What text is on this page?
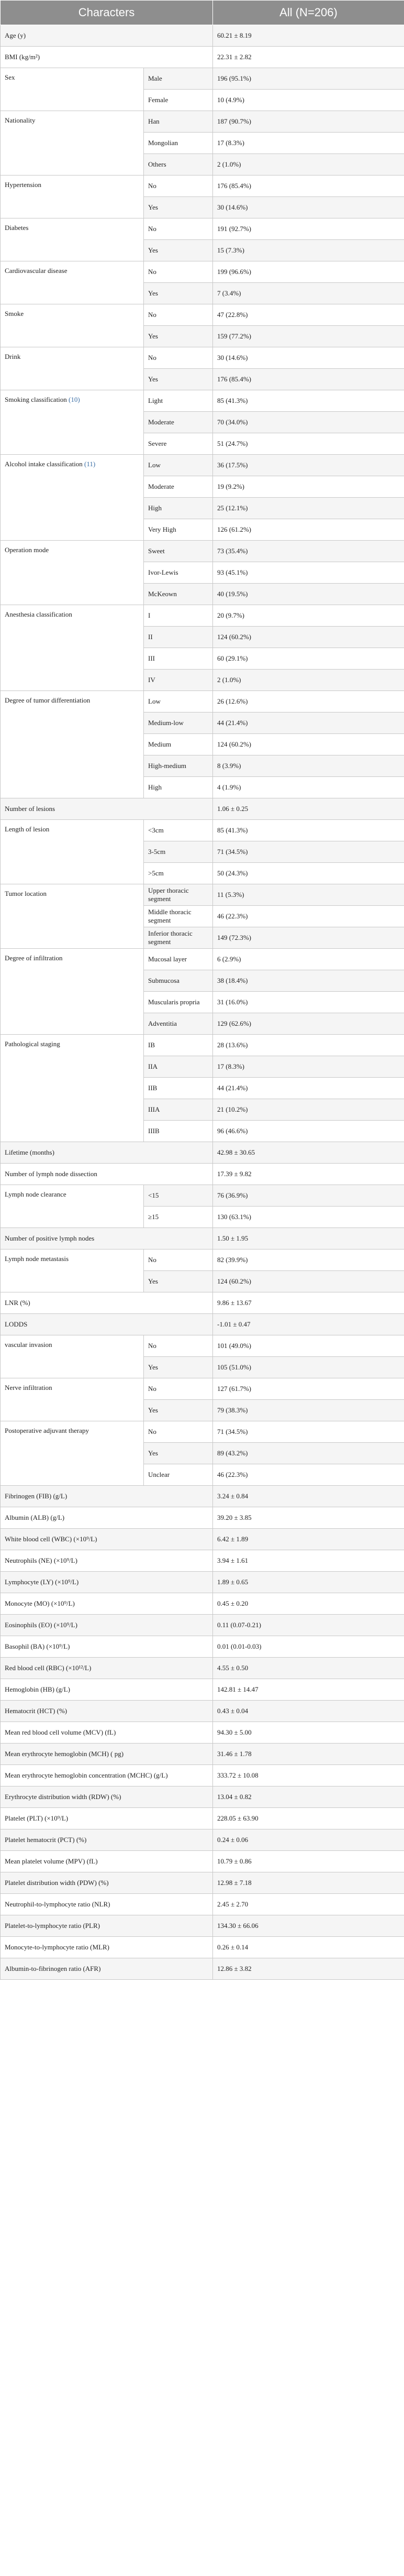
Characters		All (N=206)
Age (y)		60.21 ± 8.19
BMI (kg/m²)		22.31 ± 2.82
Sex	Male	196 (95.1%)
	Female	10 (4.9%)
Nationality	Han	187 (90.7%)
	Mongolian	17 (8.3%)
	Others	2 (1.0%)
Hypertension	No	176 (85.4%)
	Yes	30 (14.6%)
Diabetes	No	191 (92.7%)
	Yes	15 (7.3%)
Cardiovascular disease	No	199 (96.6%)
	Yes	7 (3.4%)
Smoke	No	47 (22.8%)
	Yes	159 (77.2%)
Drink	No	30 (14.6%)
	Yes	176 (85.4%)
Smoking classification (10)	Light	85 (41.3%)
	Moderate	70 (34.0%)
	Severe	51 (24.7%)
Alcohol intake classification (11)	Low	36 (17.5%)
	Moderate	19 (9.2%)
	High	25 (12.1%)
	Very High	126 (61.2%)
Operation mode	Sweet	73 (35.4%)
	Ivor-Lewis	93 (45.1%)
	McKeown	40 (19.5%)
Anesthesia classification	I	20 (9.7%)
	II	124 (60.2%)
	III	60 (29.1%)
	IV	2 (1.0%)
Degree of tumor differentiation	Low	26 (12.6%)
	Medium-low	44 (21.4%)
	Medium	124 (60.2%)
	High-medium	8 (3.9%)
	High	4 (1.9%)
Number of lesions		1.06 ± 0.25
Length of lesion	<3cm	85 (41.3%)
	3-5cm	71 (34.5%)
	>5cm	50 (24.3%)
Tumor location	Upper thoracic segment	11 (5.3%)
	Middle thoracic segment	46 (22.3%)
	Inferior thoracic segment	149 (72.3%)
Degree of infiltration	Mucosal layer	6 (2.9%)
	Submucosa	38 (18.4%)
	Muscularis propria	31 (16.0%)
	Adventitia	129 (62.6%)
Pathological staging	IB	28 (13.6%)
	IIA	17 (8.3%)
	IIB	44 (21.4%)
	IIIA	21 (10.2%)
	IIIB	96 (46.6%)
Lifetime (months)		42.98 ± 30.65
Number of lymph node dissection		17.39 ± 9.82
Lymph node clearance	<15	76 (36.9%)
	≥15	130 (63.1%)
Number of positive lymph nodes		1.50 ± 1.95
Lymph node metastasis	No	82 (39.9%)
	Yes	124 (60.2%)
LNR (%)		9.86 ± 13.67
LODDS		-1.01 ± 0.47
vascular invasion	No	101 (49.0%)
	Yes	105 (51.0%)
Nerve infiltration	No	127 (61.7%)
	Yes	79 (38.3%)
Postoperative adjuvant therapy	No	71 (34.5%)
	Yes	89 (43.2%)
	Unclear	46 (22.3%)
Fibrinogen (FIB) (g/L)		3.24 ± 0.84
Albumin (ALB) (g/L)		39.20 ± 3.85
White blood cell (WBC) (×10⁹/L)		6.42 ± 1.89
Neutrophils (NE) (×10⁹/L)		3.94 ± 1.61
Lymphocyte (LY) (×10⁹/L)		1.89 ± 0.65
Monocyte (MO) (×10⁹/L)		0.45 ± 0.20
Eosinophils (EO) (×10⁹/L)		0.11 (0.07-0.21)
Basophil (BA) (×10⁹/L)		0.01 (0.01-0.03)
Red blood cell (RBC) (×10¹²/L)		4.55 ± 0.50
Hemoglobin (HB) (g/L)		142.81 ± 14.47
Hematocrit (HCT) (%)		0.43 ± 0.04
Mean red blood cell volume (MCV) (fL)		94.30 ± 5.00
Mean erythrocyte hemoglobin (MCH) ( pg)		31.46 ± 1.78
Mean erythrocyte hemoglobin concentration (MCHC) (g/L)		333.72 ± 10.08
Erythrocyte distribution width (RDW) (%)		13.04 ± 0.82
Platelet (PLT) (×10⁹/L)		228.05 ± 63.90
Platelet hematocrit (PCT) (%)		0.24 ± 0.06
Mean platelet volume (MPV) (fL)		10.79 ± 0.86
Platelet distribution width (PDW) (%)		12.98 ± 7.18
Neutrophil-to-lymphocyte ratio (NLR)		2.45 ± 2.70
Platelet-to-lymphocyte ratio (PLR)		134.30 ± 66.06
Monocyte-to-lymphocyte ratio (MLR)		0.26 ± 0.14
Albumin-to-fibrinogen ratio (AFR)		12.86 ± 3.82
